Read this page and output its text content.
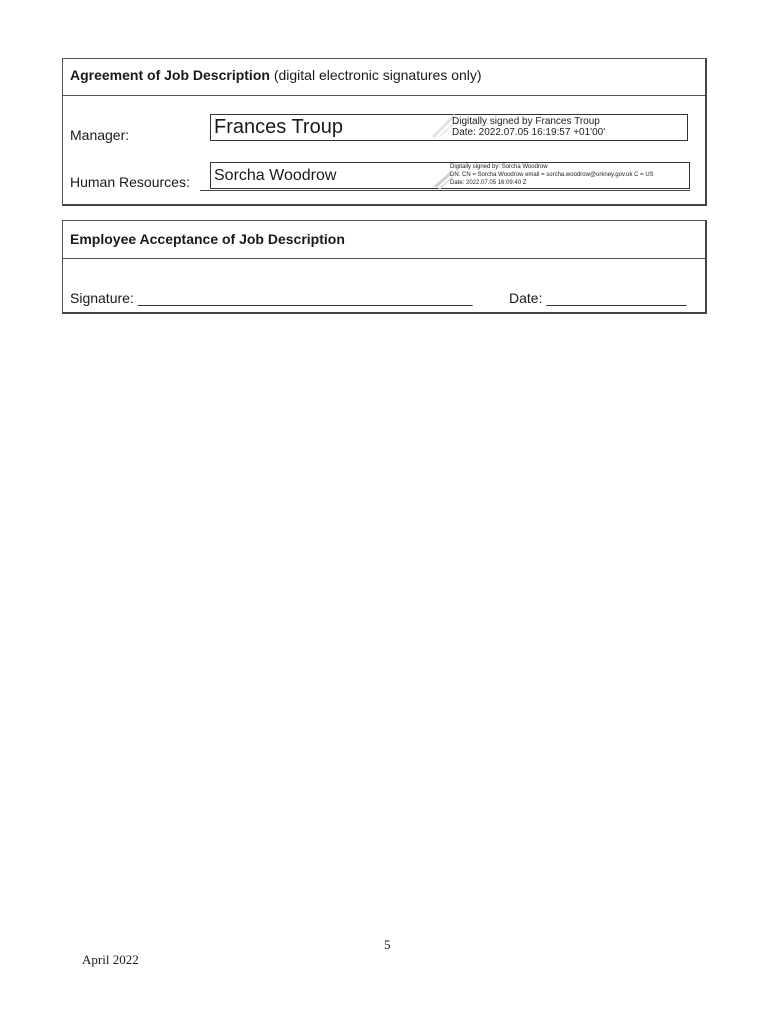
Agreement of Job Description (digital electronic signatures only)
Manager:	Frances Troup	Digitally signed by Frances Troup
Date: 2022.07.05 16:19:57 +01'00'
Human Resources: Sorcha Woodrow	Digitally signed by: Sorcha Woodrow
DN: CN = Sorcha Woodrow email = sorcha.woodrow@orkney.gov.uk C = US
Date: 2022.07.05 16:09:40 Z
Employee Acceptance of Job Description
Signature: ___________________________________________	Date: __________________
5
April 2022
